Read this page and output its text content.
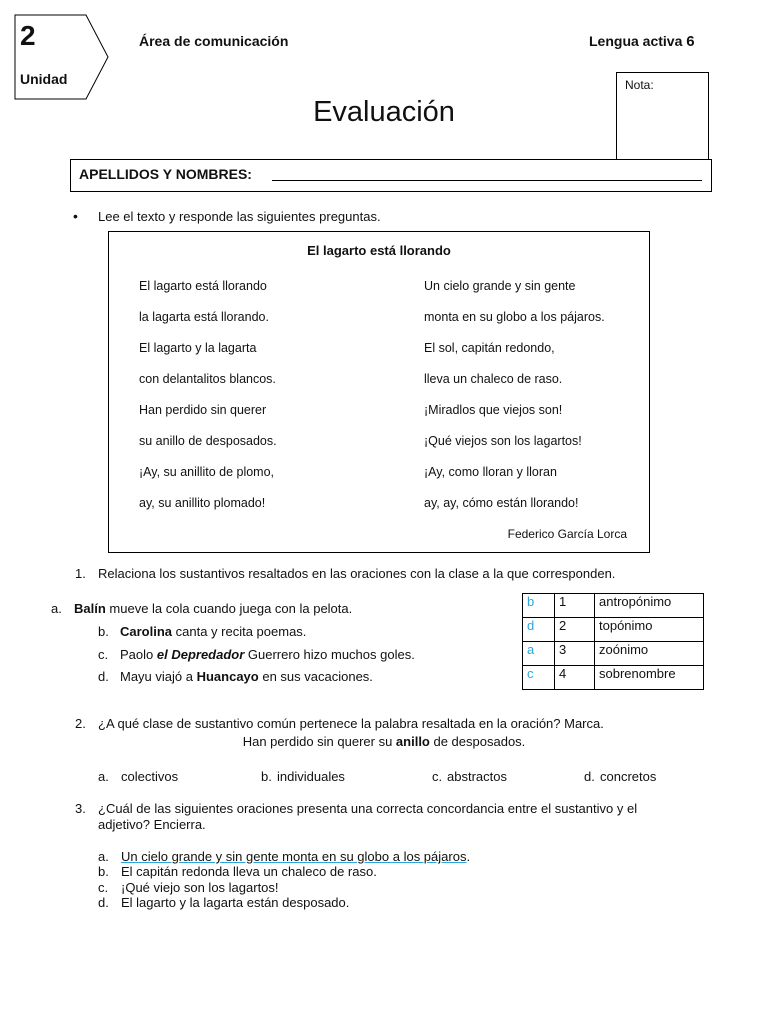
2
Unidad
Área de comunicación	Lengua activa 6
Nota:
Evaluación
APELLIDOS Y NOMBRES:
• Lee el texto y responde las siguientes preguntas.
El lagarto está llorando
El lagarto está llorando
la lagarta está llorando.
El lagarto y la lagarta
con delantalitos blancos.
Han perdido sin querer
su anillo de desposados.
¡Ay, su anillito de plomo,
ay, su anillito plomado!
Un cielo grande y sin gente
monta en su globo a los pájaros.
El sol, capitán redondo,
lleva un chaleco de raso.
¡Miradlos que viejos son!
¡Qué viejos son los lagartos!
¡Ay, como lloran y lloran
ay, ay, cómo están llorando!
Federico García Lorca
1. Relaciona los sustantivos resaltados en las oraciones con la clase a la que corresponden.
a. Balín mueve la cola cuando juega con la pelota.
b. Carolina canta y recita poemas.
c. Paolo el Depredador Guerrero hizo muchos goles.
d. Mayu viajó a Huancayo en sus vacaciones.
b	1	antropónimo
d	2	topónimo
a	3	zoónimo
c	4	sobrenombre
2. ¿A qué clase de sustantivo común pertenece la palabra resaltada en la oración? Marca.
Han perdido sin querer su anillo de desposados.
a. colectivos	b. individuales	c. abstractos	d. concretos
3. ¿Cuál de las siguientes oraciones presenta una correcta concordancia entre el sustantivo y el
adjetivo? Encierra.
a. Un cielo grande y sin gente monta en su globo a los pájaros.
b. El capitán redonda lleva un chaleco de raso.
c. ¡Qué viejo son los lagartos!
d. El lagarto y la lagarta están desposado.
